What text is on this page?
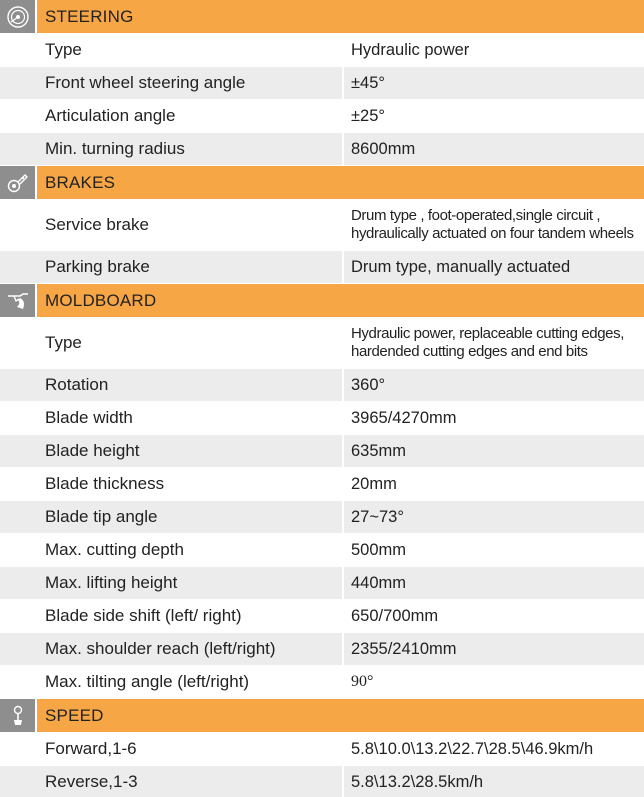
STEERING
Type	Hydraulic power
Front wheel steering angle	±45°
Articulation angle	±25°
Min. turning radius	8600mm
BRAKES
Service brake	Drum type , foot-operated,single circuit ,
hydraulically actuated on four tandem wheels
Parking brake	Drum type, manually actuated
MOLDBOARD
Type	Hydraulic power, replaceable cutting edges,
hardended cutting edges and end bits
Rotation	360°
Blade width	3965/4270mm
Blade height	635mm
Blade thickness	20mm
Blade tip angle	27~73°
Max. cutting depth	500mm
Max. lifting height	440mm
Blade side shift (left/ right)	650/700mm
Max. shoulder reach (left/right)	2355/2410mm
Max. tilting angle (left/right)	90°
SPEED
Forward,1-6	5.8\10.0\13.2\22.7\28.5\46.9km/h
Reverse,1-3	5.8\13.2\28.5km/h
